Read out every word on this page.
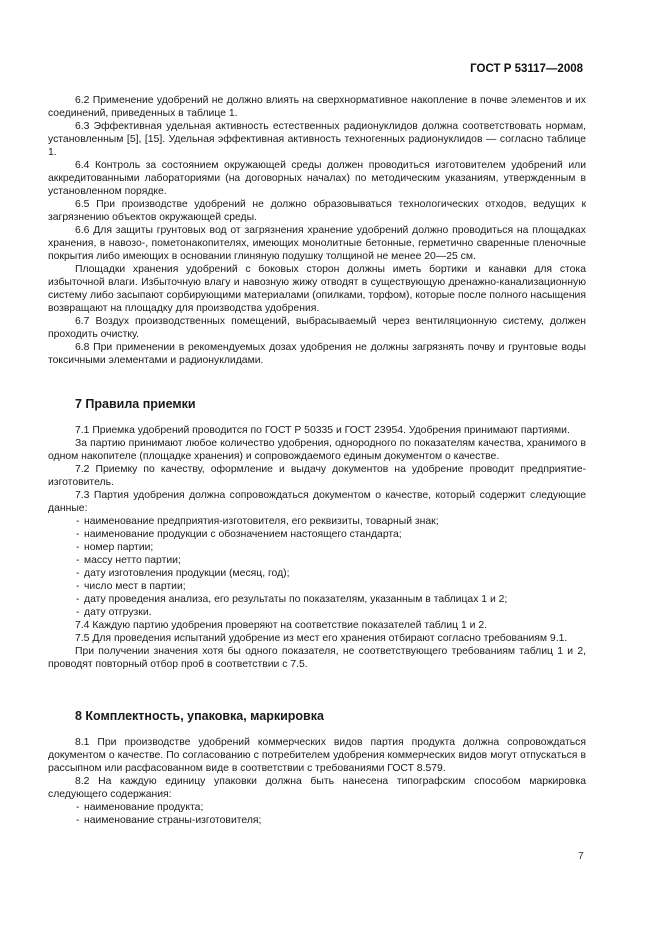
ГОСТ Р 53117—2008

6.2 Применение удобрений не должно влиять на сверхнормативное накопление в почве элементов и их соединений, приведенных в таблице 1.

6.3 Эффективная удельная активность естественных радионуклидов должна соответствовать нормам, установленным [5], [15]. Удельная эффективная активность техногенных радионуклидов — согласно таблице 1.

6.4 Контроль за состоянием окружающей среды должен проводиться изготовителем удобрений или аккредитованными лабораториями (на договорных началах) по методическим указаниям, утвержденным в установленном порядке.

6.5 При производстве удобрений не должно образовываться технологических отходов, ведущих к загрязнению объектов окружающей среды.

6.6 Для защиты грунтовых вод от загрязнения хранение удобрений должно проводиться на площадках хранения, в навозо-, пометонакопителях, имеющих монолитные бетонные, герметично сваренные пленочные покрытия либо имеющих в основании глиняную подушку толщиной не менее 20—25 см.

Площадки хранения удобрений с боковых сторон должны иметь бортики и канавки для стока избыточной влаги. Избыточную влагу и навозную жижу отводят в существующую дренажно-канализационную систему либо засыпают сорбирующими материалами (опилками, торфом), которые после полного насыщения возвращают на площадку для производства удобрения.

6.7 Воздух производственных помещений, выбрасываемый через вентиляционную систему, должен проходить очистку.

6.8 При применении в рекомендуемых дозах удобрения не должны загрязнять почву и грунтовые воды токсичными элементами и радионуклидами.

7 Правила приемки

7.1 Приемка удобрений проводится по ГОСТ Р 50335 и ГОСТ 23954. Удобрения принимают партиями.

За партию принимают любое количество удобрения, однородного по показателям качества, хранимого в одном накопителе (площадке хранения) и сопровождаемого единым документом о качестве.

7.2 Приемку по качеству, оформление и выдачу документов на удобрение проводит предприятие-изготовитель.

7.3 Партия удобрения должна сопровождаться документом о качестве, который содержит следующие данные:

- наименование предприятия-изготовителя, его реквизиты, товарный знак;
- наименование продукции с обозначением настоящего стандарта;
- номер партии;
- массу нетто партии;
- дату изготовления продукции (месяц, год);
- число мест в партии;
- дату проведения анализа, его результаты по показателям, указанным в таблицах 1 и 2;
- дату отгрузки.

7.4 Каждую партию удобрения проверяют на соответствие показателей таблиц 1 и 2.

7.5 Для проведения испытаний удобрение из мест его хранения отбирают согласно требованиям 9.1.

При получении значения хотя бы одного показателя, не соответствующего требованиям таблиц 1 и 2, проводят повторный отбор проб в соответствии с 7.5.

8 Комплектность, упаковка, маркировка

8.1 При производстве удобрений коммерческих видов партия продукта должна сопровождаться документом о качестве. По согласованию с потребителем удобрения коммерческих видов могут отпускаться в рассыпном или расфасованном виде в соответствии с требованиями ГОСТ 8.579.

8.2 На каждую единицу упаковки должна быть нанесена типографским способом маркировка следующего содержания:

- наименование продукта;
- наименование страны-изготовителя;
7
